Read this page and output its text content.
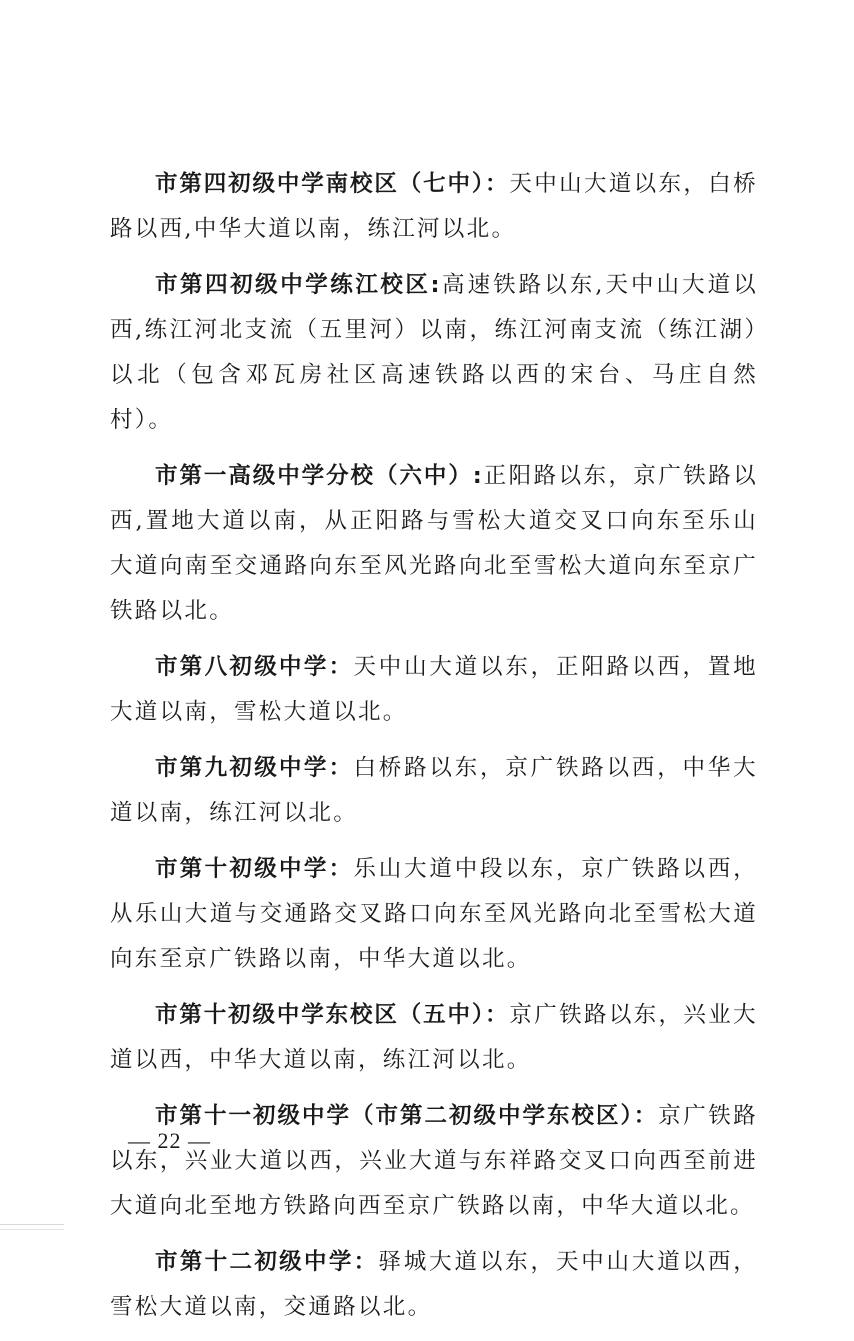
市第四初级中学南校区（七中）：天中山大道以东，白桥路以西,中华大道以南，练江河以北。

市第四初级中学练江校区:高速铁路以东,天中山大道以西,练江河北支流（五里河）以南，练江河南支流（练江湖）以北（包含邓瓦房社区高速铁路以西的宋台、马庄自然村）。

市第一高级中学分校（六中）:正阳路以东，京广铁路以西,置地大道以南，从正阳路与雪松大道交叉口向东至乐山大道向南至交通路向东至风光路向北至雪松大道向东至京广铁路以北。

市第八初级中学：天中山大道以东，正阳路以西，置地大道以南，雪松大道以北。

市第九初级中学：白桥路以东，京广铁路以西，中华大道以南，练江河以北。

市第十初级中学：乐山大道中段以东，京广铁路以西，从乐山大道与交通路交叉路口向东至风光路向北至雪松大道向东至京广铁路以南，中华大道以北。

市第十初级中学东校区（五中）：京广铁路以东，兴业大道以西，中华大道以南，练江河以北。

市第十一初级中学（市第二初级中学东校区）：京广铁路以东，兴业大道以西，兴业大道与东祥路交叉口向西至前进大道向北至地方铁路向西至京广铁路以南，中华大道以北。

市第十二初级中学：驿城大道以东，天中山大道以西，雪松大道以南，交通路以北。

— 22 —
